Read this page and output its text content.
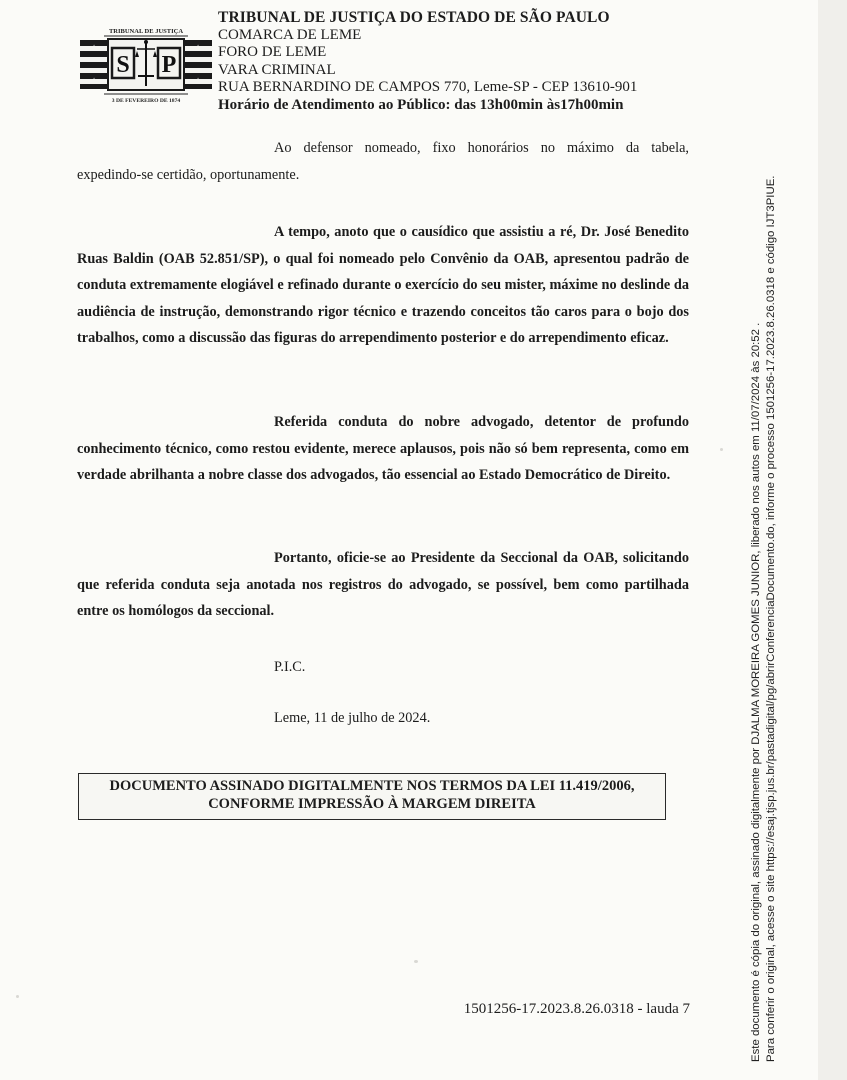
TRIBUNAL DE JUSTIÇA
S P
★	★
★	★
3 DE FEVEREIRO DE 1874
TRIBUNAL DE JUSTIÇA DO ESTADO DE SÃO PAULO
COMARCA DE LEME
FORO DE LEME
VARA CRIMINAL
RUA BERNARDINO DE CAMPOS 770, Leme-SP - CEP 13610-901
Horário de Atendimento ao Público: das 13h00min às17h00min
Ao defensor nomeado, fixo honorários no máximo da tabela, expedindo-se certidão, oportunamente.
A tempo, anoto que o causídico que assistiu a ré, Dr. José Benedito Ruas Baldin (OAB 52.851/SP), o qual foi nomeado pelo Convênio da OAB, apresentou padrão de conduta extremamente elogiável e refinado durante o exercício do seu mister, máxime no deslinde da audiência de instrução, demonstrando rigor técnico e trazendo conceitos tão caros para o bojo dos trabalhos, como a discussão das figuras do arrependimento posterior e do arrependimento eficaz.
Referida conduta do nobre advogado, detentor de profundo conhecimento técnico, como restou evidente, merece aplausos, pois não só bem representa, como em verdade abrilhanta a nobre classe dos advogados, tão essencial ao Estado Democrático de Direito.
Portanto, oficie-se ao Presidente da Seccional da OAB, solicitando que referida conduta seja anotada nos registros do advogado, se possível, bem como partilhada entre os homólogos da seccional.
P.I.C.
Leme, 11 de julho de 2024.
DOCUMENTO ASSINADO DIGITALMENTE NOS TERMOS DA LEI 11.419/2006,
CONFORME IMPRESSÃO À MARGEM DIREITA
1501256-17.2023.8.26.0318 - lauda 7	Este documento é cópia do original, assinado digitalmente por DJALMA MOREIRA GOMES JUNIOR, liberado nos autos em 11/07/2024 às 20:52 . Para conferir o original, acesse o site https://esaj.tjsp.jus.br/pastadigital/pg/abrirConferenciaDocumento.do, informe o processo 1501256-17.2023.8.26.0318 e código IJT3PIUE.
